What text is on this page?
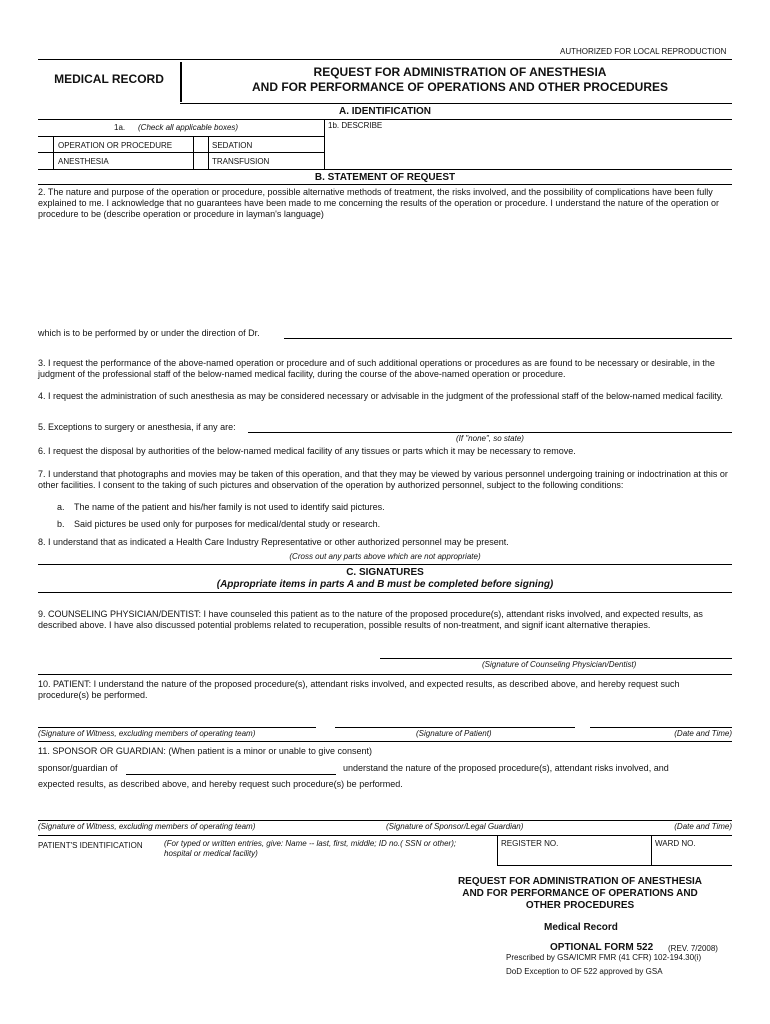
AUTHORIZED FOR LOCAL REPRODUCTION
MEDICAL RECORD	REQUEST FOR ADMINISTRATION OF ANESTHESIA
AND FOR PERFORMANCE OF OPERATIONS AND OTHER PROCEDURES
A. IDENTIFICATION
1a. (Check all applicable boxes)	1b. DESCRIBE
OPERATION OR PROCEDURE	SEDATION
ANESTHESIA	TRANSFUSION
B. STATEMENT OF REQUEST
2. The nature and purpose of the operation or procedure, possible alternative methods of treatment, the risks involved, and the possibility of complications have been fully explained to me. I acknowledge that no guarantees have been made to me concerning the results of the operation or procedure. I understand the nature of the operation or procedure to be (describe operation or procedure in layman's language)
which is to be performed by or under the direction of Dr.
3. I request the performance of the above-named operation or procedure and of such additional operations or procedures as are found to be necessary or desirable, in the judgment of the professional staff of the below-named medical facility, during the course of the above-named operation or procedure.
4. I request the administration of such anesthesia as may be considered necessary or advisable in the judgment of the professional staff of the below-named medical facility.
5. Exceptions to surgery or anesthesia, if any are:
(If "none", so state)
6. I request the disposal by authorities of the below-named medical facility of any tissues or parts which it may be necessary to remove.
7. I understand that photographs and movies may be taken of this operation, and that they may be viewed by various personnel undergoing training or indoctrination at this or other facilities. I consent to the taking of such pictures and observation of the operation by authorized personnel, subject to the following conditions:
a. The name of the patient and his/her family is not used to identify said pictures.
b. Said pictures be used only for purposes for medical/dental study or research.
8. I understand that as indicated a Health Care Industry Representative or other authorized personnel may be present.
(Cross out any parts above which are not appropriate)
C. SIGNATURES
(Appropriate items in parts A and B must be completed before signing)
9. COUNSELING PHYSICIAN/DENTIST: I have counseled this patient as to the nature of the proposed procedure(s), attendant risks involved, and expected results, as described above. I have also discussed potential problems related to recuperation, possible results of non-treatment, and signif icant alternative therapies.
(Signature of Counseling Physician/Dentist)
10. PATIENT: I understand the nature of the proposed procedure(s), attendant risks involved, and expected results, as described above, and hereby request such procedure(s) be performed.
(Signature of Witness, excluding members of operating team)	(Signature of Patient)	(Date and Time)
11. SPONSOR OR GUARDIAN: (When patient is a minor or unable to give consent)
sponsor/guardian of	understand the nature of the proposed procedure(s), attendant risks involved, and
expected results, as described above, and hereby request such procedure(s) be performed.
(Signature of Witness, excluding members of operating team)	(Signature of Sponsor/Legal Guardian)	(Date and Time)
PATIENT'S IDENTIFICATION	(For typed or written entries, give: Name -- last, first, middle; ID no.( SSN or other); hospital or medical facility)
REGISTER NO.	WARD NO.
REQUEST FOR ADMINISTRATION OF ANESTHESIA
AND FOR PERFORMANCE OF OPERATIONS AND
OTHER PROCEDURES
Medical Record
OPTIONAL FORM 522 (REV. 7/2008)
Prescribed by GSA/ICMR FMR (41 CFR) 102-194.30(i)
DoD Exception to OF 522 approved by GSA
